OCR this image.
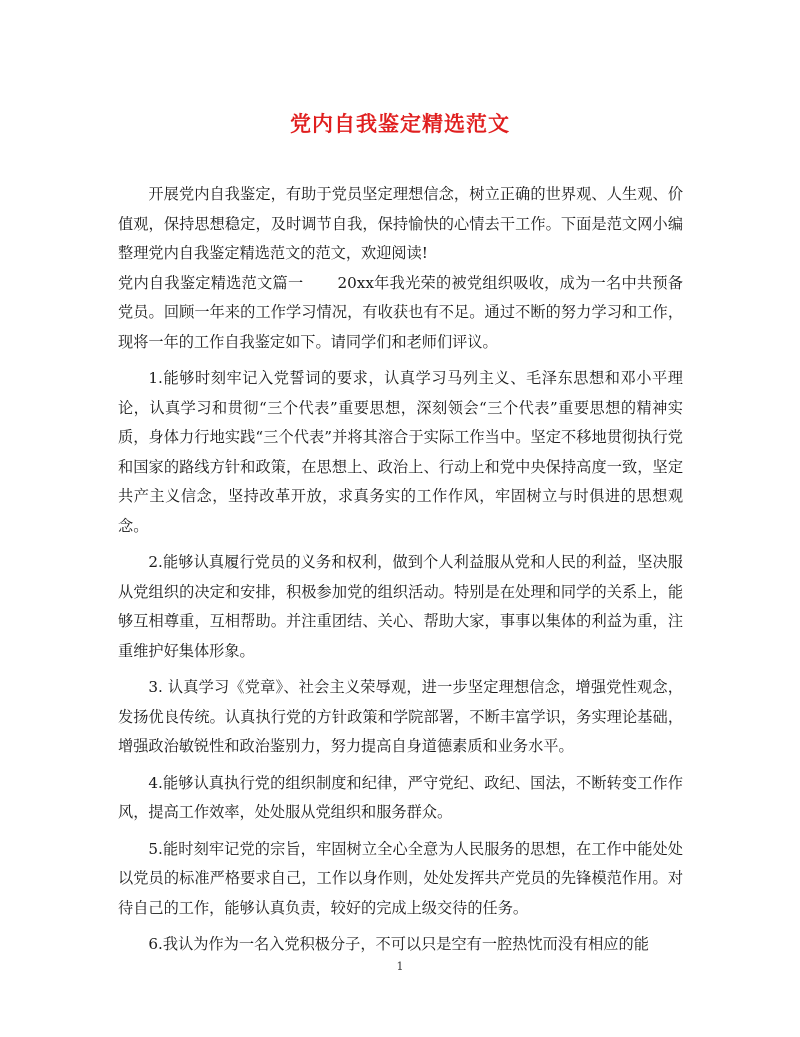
党内自我鉴定精选范文

开展党内自我鉴定，有助于党员坚定理想信念，树立正确的世界观、人生观、价值观，保持思想稳定，及时调节自我，保持愉快的心情去干工作。下面是范文网小编整理党内自我鉴定精选范文的范文，欢迎阅读!

党内自我鉴定精选范文篇一 20xx年我光荣的被党组织吸收，成为一名中共预备党员。回顾一年来的工作学习情况，有收获也有不足。通过不断的努力学习和工作，现将一年的工作自我鉴定如下。请同学们和老师们评议。

1.能够时刻牢记入党誓词的要求，认真学习马列主义、毛泽东思想和邓小平理论，认真学习和贯彻“三个代表”重要思想，深刻领会“三个代表”重要思想的精神实质，身体力行地实践“三个代表”并将其溶合于实际工作当中。坚定不移地贯彻执行党和国家的路线方针和政策，在思想上、政治上、行动上和党中央保持高度一致，坚定共产主义信念，坚持改革开放，求真务实的工作作风，牢固树立与时俱进的思想观念。

2.能够认真履行党员的义务和权利，做到个人利益服从党和人民的利益，坚决服从党组织的决定和安排，积极参加党的组织活动。特别是在处理和同学的关系上，能够互相尊重，互相帮助。并注重团结、关心、帮助大家，事事以集体的利益为重，注重维护好集体形象。

3. 认真学习《党章》、社会主义荣辱观，进一步坚定理想信念，增强党性观念，发扬优良传统。认真执行党的方针政策和学院部署，不断丰富学识，务实理论基础，增强政治敏锐性和政治鉴别力，努力提高自身道德素质和业务水平。

4.能够认真执行党的组织制度和纪律，严守党纪、政纪、国法，不断转变工作作风，提高工作效率，处处服从党组织和服务群众。

5.能时刻牢记党的宗旨，牢固树立全心全意为人民服务的思想，在工作中能处处以党员的标准严格要求自己，工作以身作则，处处发挥共产党员的先锋模范作用。对待自己的工作，能够认真负责，较好的完成上级交待的任务。

6.我认为作为一名入党积极分子，不可以只是空有一腔热忱而没有相应的能

1
